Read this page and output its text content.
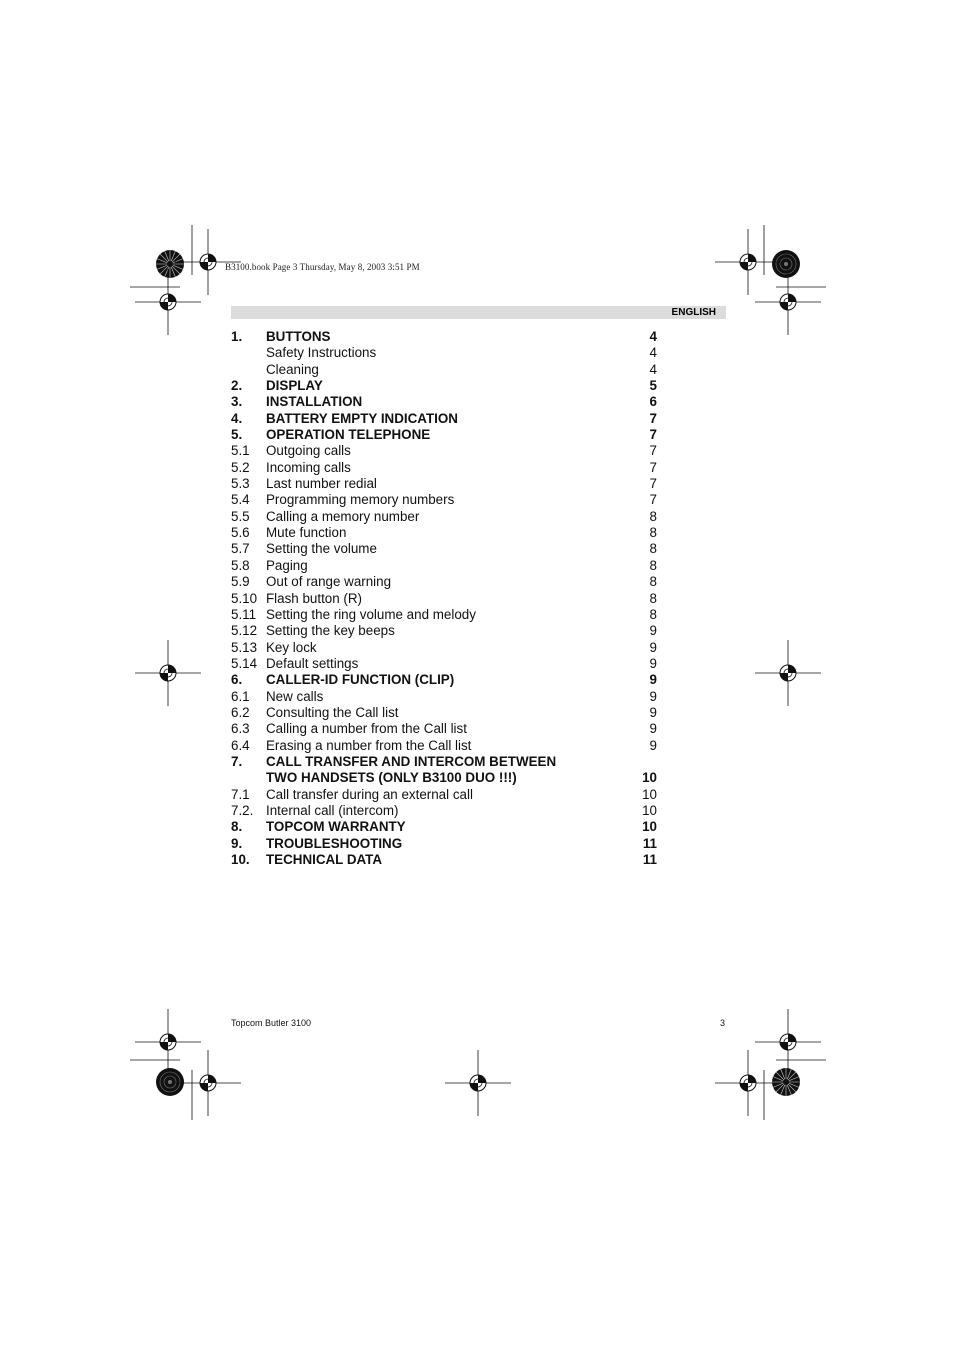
B3100.book Page 3 Thursday, May 8, 2003 3:51 PM
ENGLISH
1. BUTTONS	4
Safety Instructions	4
Cleaning	4
2. DISPLAY	5
3. INSTALLATION	6
4. BATTERY EMPTY INDICATION	7
5. OPERATION TELEPHONE	7
5.1 Outgoing calls	7
5.2 Incoming calls	7
5.3 Last number redial	7
5.4 Programming memory numbers	7
5.5 Calling a memory number	8
5.6 Mute function	8
5.7 Setting the volume	8
5.8 Paging	8
5.9 Out of range warning	8
5.10 Flash button (R)	8
5.11 Setting the ring volume and melody	8
5.12 Setting the key beeps	9
5.13 Key lock	9
5.14 Default settings	9
6. CALLER-ID FUNCTION (CLIP)	9
6.1 New calls	9
6.2 Consulting the Call list	9
6.3 Calling a number from the Call list	9
6.4 Erasing a number from the Call list	9
7. CALL TRANSFER AND INTERCOM BETWEEN
TWO HANDSETS (ONLY B3100 DUO !!!)	10
7.1 Call transfer during an external call	10
7.2. Internal call (intercom)	10
8. TOPCOM WARRANTY	10
9. TROUBLESHOOTING	11
10. TECHNICAL DATA	11
Topcom Butler 3100	3
